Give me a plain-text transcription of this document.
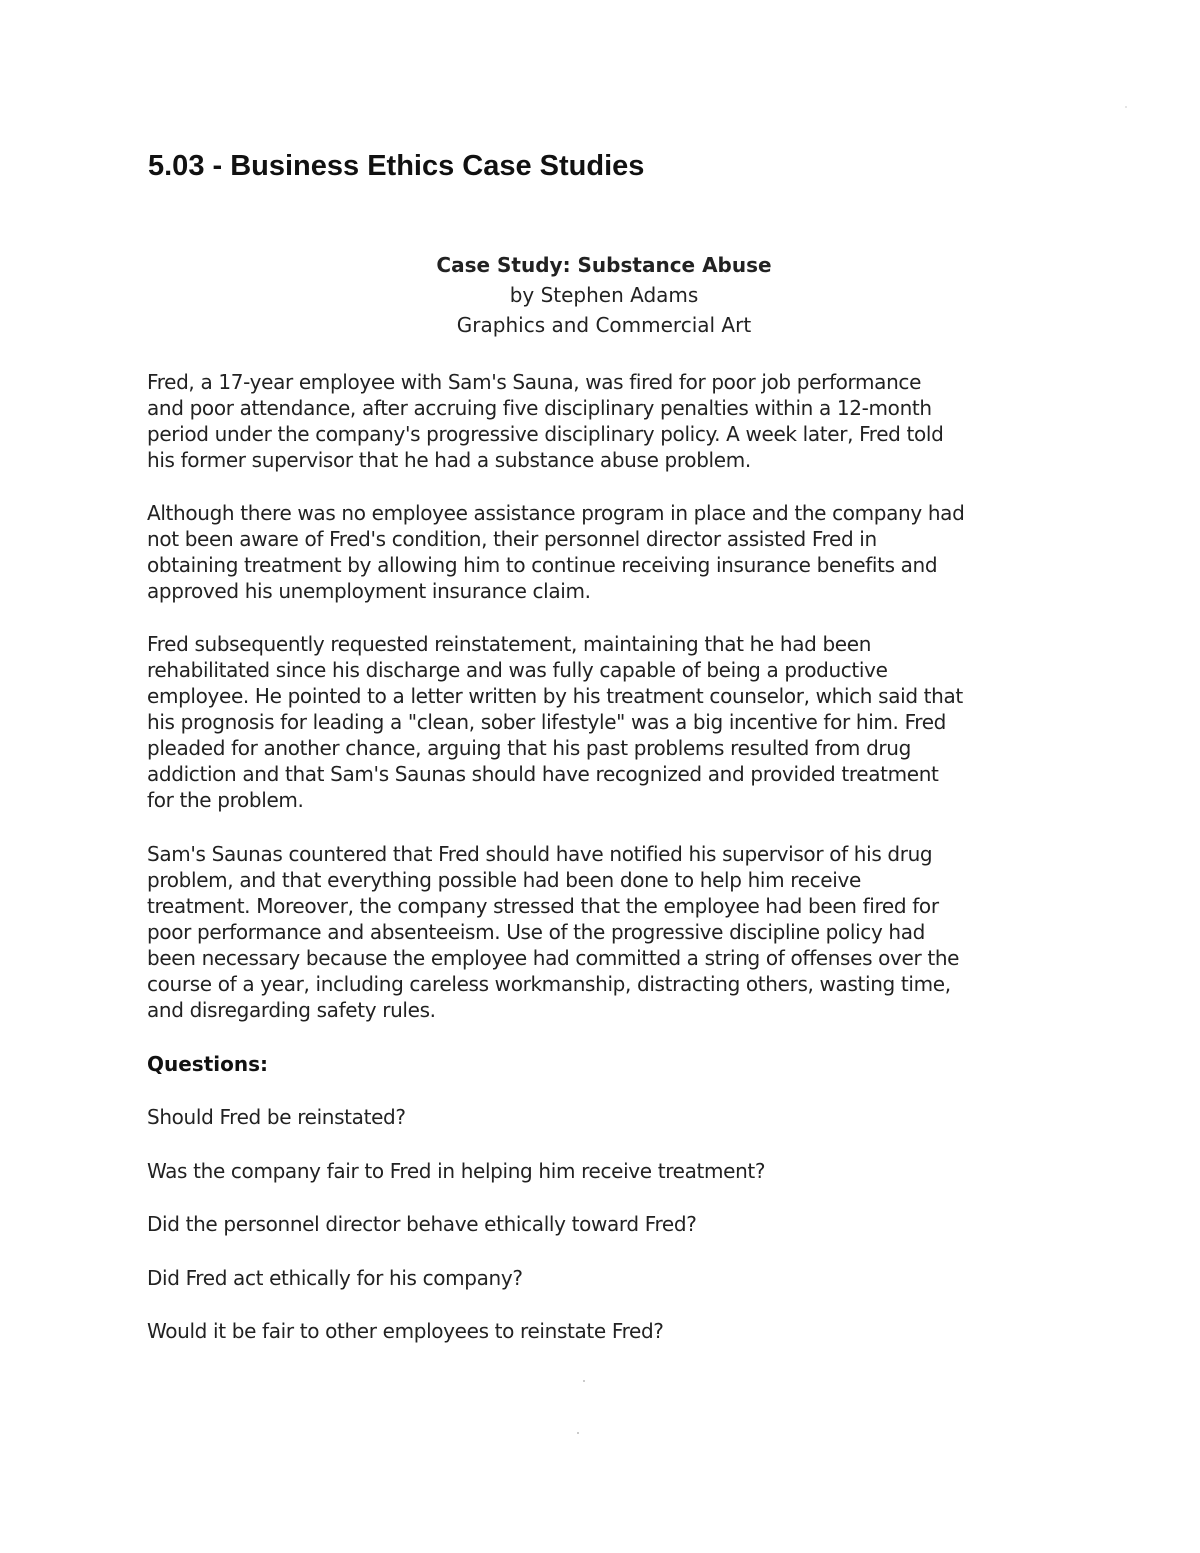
5.03 - Business Ethics Case Studies
Case Study: Substance Abuse
by Stephen Adams
Graphics and Commercial Art
Fred, a 17-year employee with Sam's Sauna, was fired for poor job performance
and poor attendance, after accruing five disciplinary penalties within a 12-month
period under the company's progressive disciplinary policy. A week later, Fred told
his former supervisor that he had a substance abuse problem.
Although there was no employee assistance program in place and the company had
not been aware of Fred's condition, their personnel director assisted Fred in
obtaining treatment by allowing him to continue receiving insurance benefits and
approved his unemployment insurance claim.
Fred subsequently requested reinstatement, maintaining that he had been
rehabilitated since his discharge and was fully capable of being a productive
employee. He pointed to a letter written by his treatment counselor, which said that
his prognosis for leading a "clean, sober lifestyle" was a big incentive for him. Fred
pleaded for another chance, arguing that his past problems resulted from drug
addiction and that Sam's Saunas should have recognized and provided treatment
for the problem.
Sam's Saunas countered that Fred should have notified his supervisor of his drug
problem, and that everything possible had been done to help him receive
treatment. Moreover, the company stressed that the employee had been fired for
poor performance and absenteeism. Use of the progressive discipline policy had
been necessary because the employee had committed a string of offenses over the
course of a year, including careless workmanship, distracting others, wasting time,
and disregarding safety rules.
Questions:

Should Fred be reinstated?

Was the company fair to Fred in helping him receive treatment?

Did the personnel director behave ethically toward Fred?

Did Fred act ethically for his company?

Would it be fair to other employees to reinstate Fred?
